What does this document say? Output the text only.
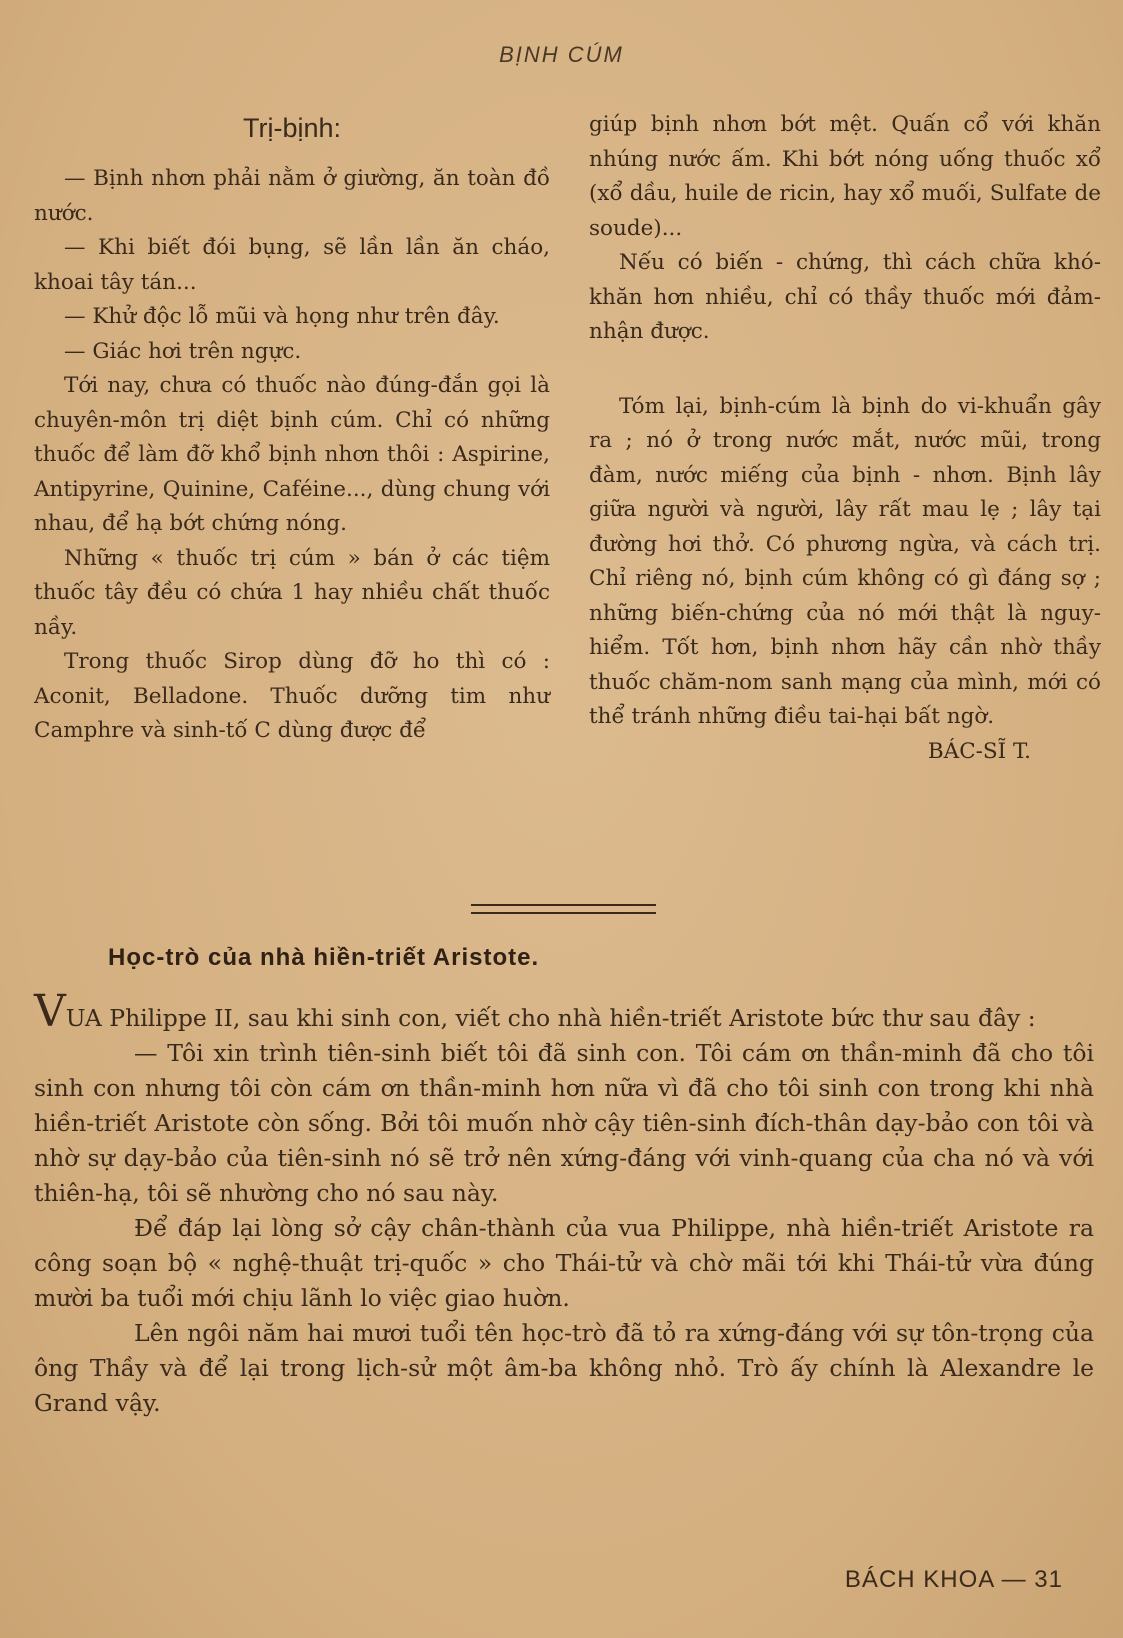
BỊNH CÚM
Trị-bịnh:

— Bịnh nhơn phải nằm ở giường, ăn toàn đồ nước.

— Khi biết đói bụng, sẽ lần lần ăn cháo, khoai tây tán...

— Khử độc lỗ mũi và họng như trên đây.

— Giác hơi trên ngực.

Tới nay, chưa có thuốc nào đúng-đắn gọi là chuyên-môn trị diệt bịnh cúm. Chỉ có những thuốc để làm đỡ khổ bịnh nhơn thôi : Aspirine, Antipyrine, Quinine, Caféine..., dùng chung với nhau, để hạ bớt chứng nóng.

Những « thuốc trị cúm » bán ở các tiệm thuốc tây đều có chứa 1 hay nhiều chất thuốc nầy.

Trong thuốc Sirop dùng đỡ ho thì có : Aconit, Belladone. Thuốc dưỡng tim như Camphre và sinh-tố C dùng được để

giúp bịnh nhơn bớt mệt. Quấn cổ với khăn nhúng nước ấm. Khi bớt nóng uống thuốc xổ (xổ dầu, huile de ricin, hay xổ muối, Sulfate de soude)...

Nếu có biến - chứng, thì cách chữa khó-khăn hơn nhiều, chỉ có thầy thuốc mới đảm-nhận được.

Tóm lại, bịnh-cúm là bịnh do vi-khuẩn gây ra ; nó ở trong nước mắt, nước mũi, trong đàm, nước miếng của bịnh - nhơn. Bịnh lây giữa người và người, lây rất mau lẹ ; lây tại đường hơi thở. Có phương ngừa, và cách trị. Chỉ riêng nó, bịnh cúm không có gì đáng sợ ; những biến-chứng của nó mới thật là nguy-hiểm. Tốt hơn, bịnh nhơn hãy cần nhờ thầy thuốc chăm-nom sanh mạng của mình, mới có thể tránh những điều tai-hại bất ngờ.

BÁC-SĨ T.

Học-trò của nhà hiền-triết Aristote.

VUA Philippe II, sau khi sinh con, viết cho nhà hiền-triết Aristote bức thư sau đây :

— Tôi xin trình tiên-sinh biết tôi đã sinh con. Tôi cám ơn thần-minh đã cho tôi sinh con nhưng tôi còn cám ơn thần-minh hơn nữa vì đã cho tôi sinh con trong khi nhà hiền-triết Aristote còn sống. Bởi tôi muốn nhờ cậy tiên-sinh đích-thân dạy-bảo con tôi và nhờ sự dạy-bảo của tiên-sinh nó sẽ trở nên xứng-đáng với vinh-quang của cha nó và với thiên-hạ, tôi sẽ nhường cho nó sau này.

Để đáp lại lòng sở cậy chân-thành của vua Philippe, nhà hiền-triết Aristote ra công soạn bộ « nghệ-thuật trị-quốc » cho Thái-tử và chờ mãi tới khi Thái-tử vừa đúng mười ba tuổi mới chịu lãnh lo việc giao huờn.

Lên ngôi năm hai mươi tuổi tên học-trò đã tỏ ra xứng-đáng với sự tôn-trọng của ông Thầy và để lại trong lịch-sử một âm-ba không nhỏ. Trò ấy chính là Alexandre le Grand vậy.

BÁCH KHOA — 31
